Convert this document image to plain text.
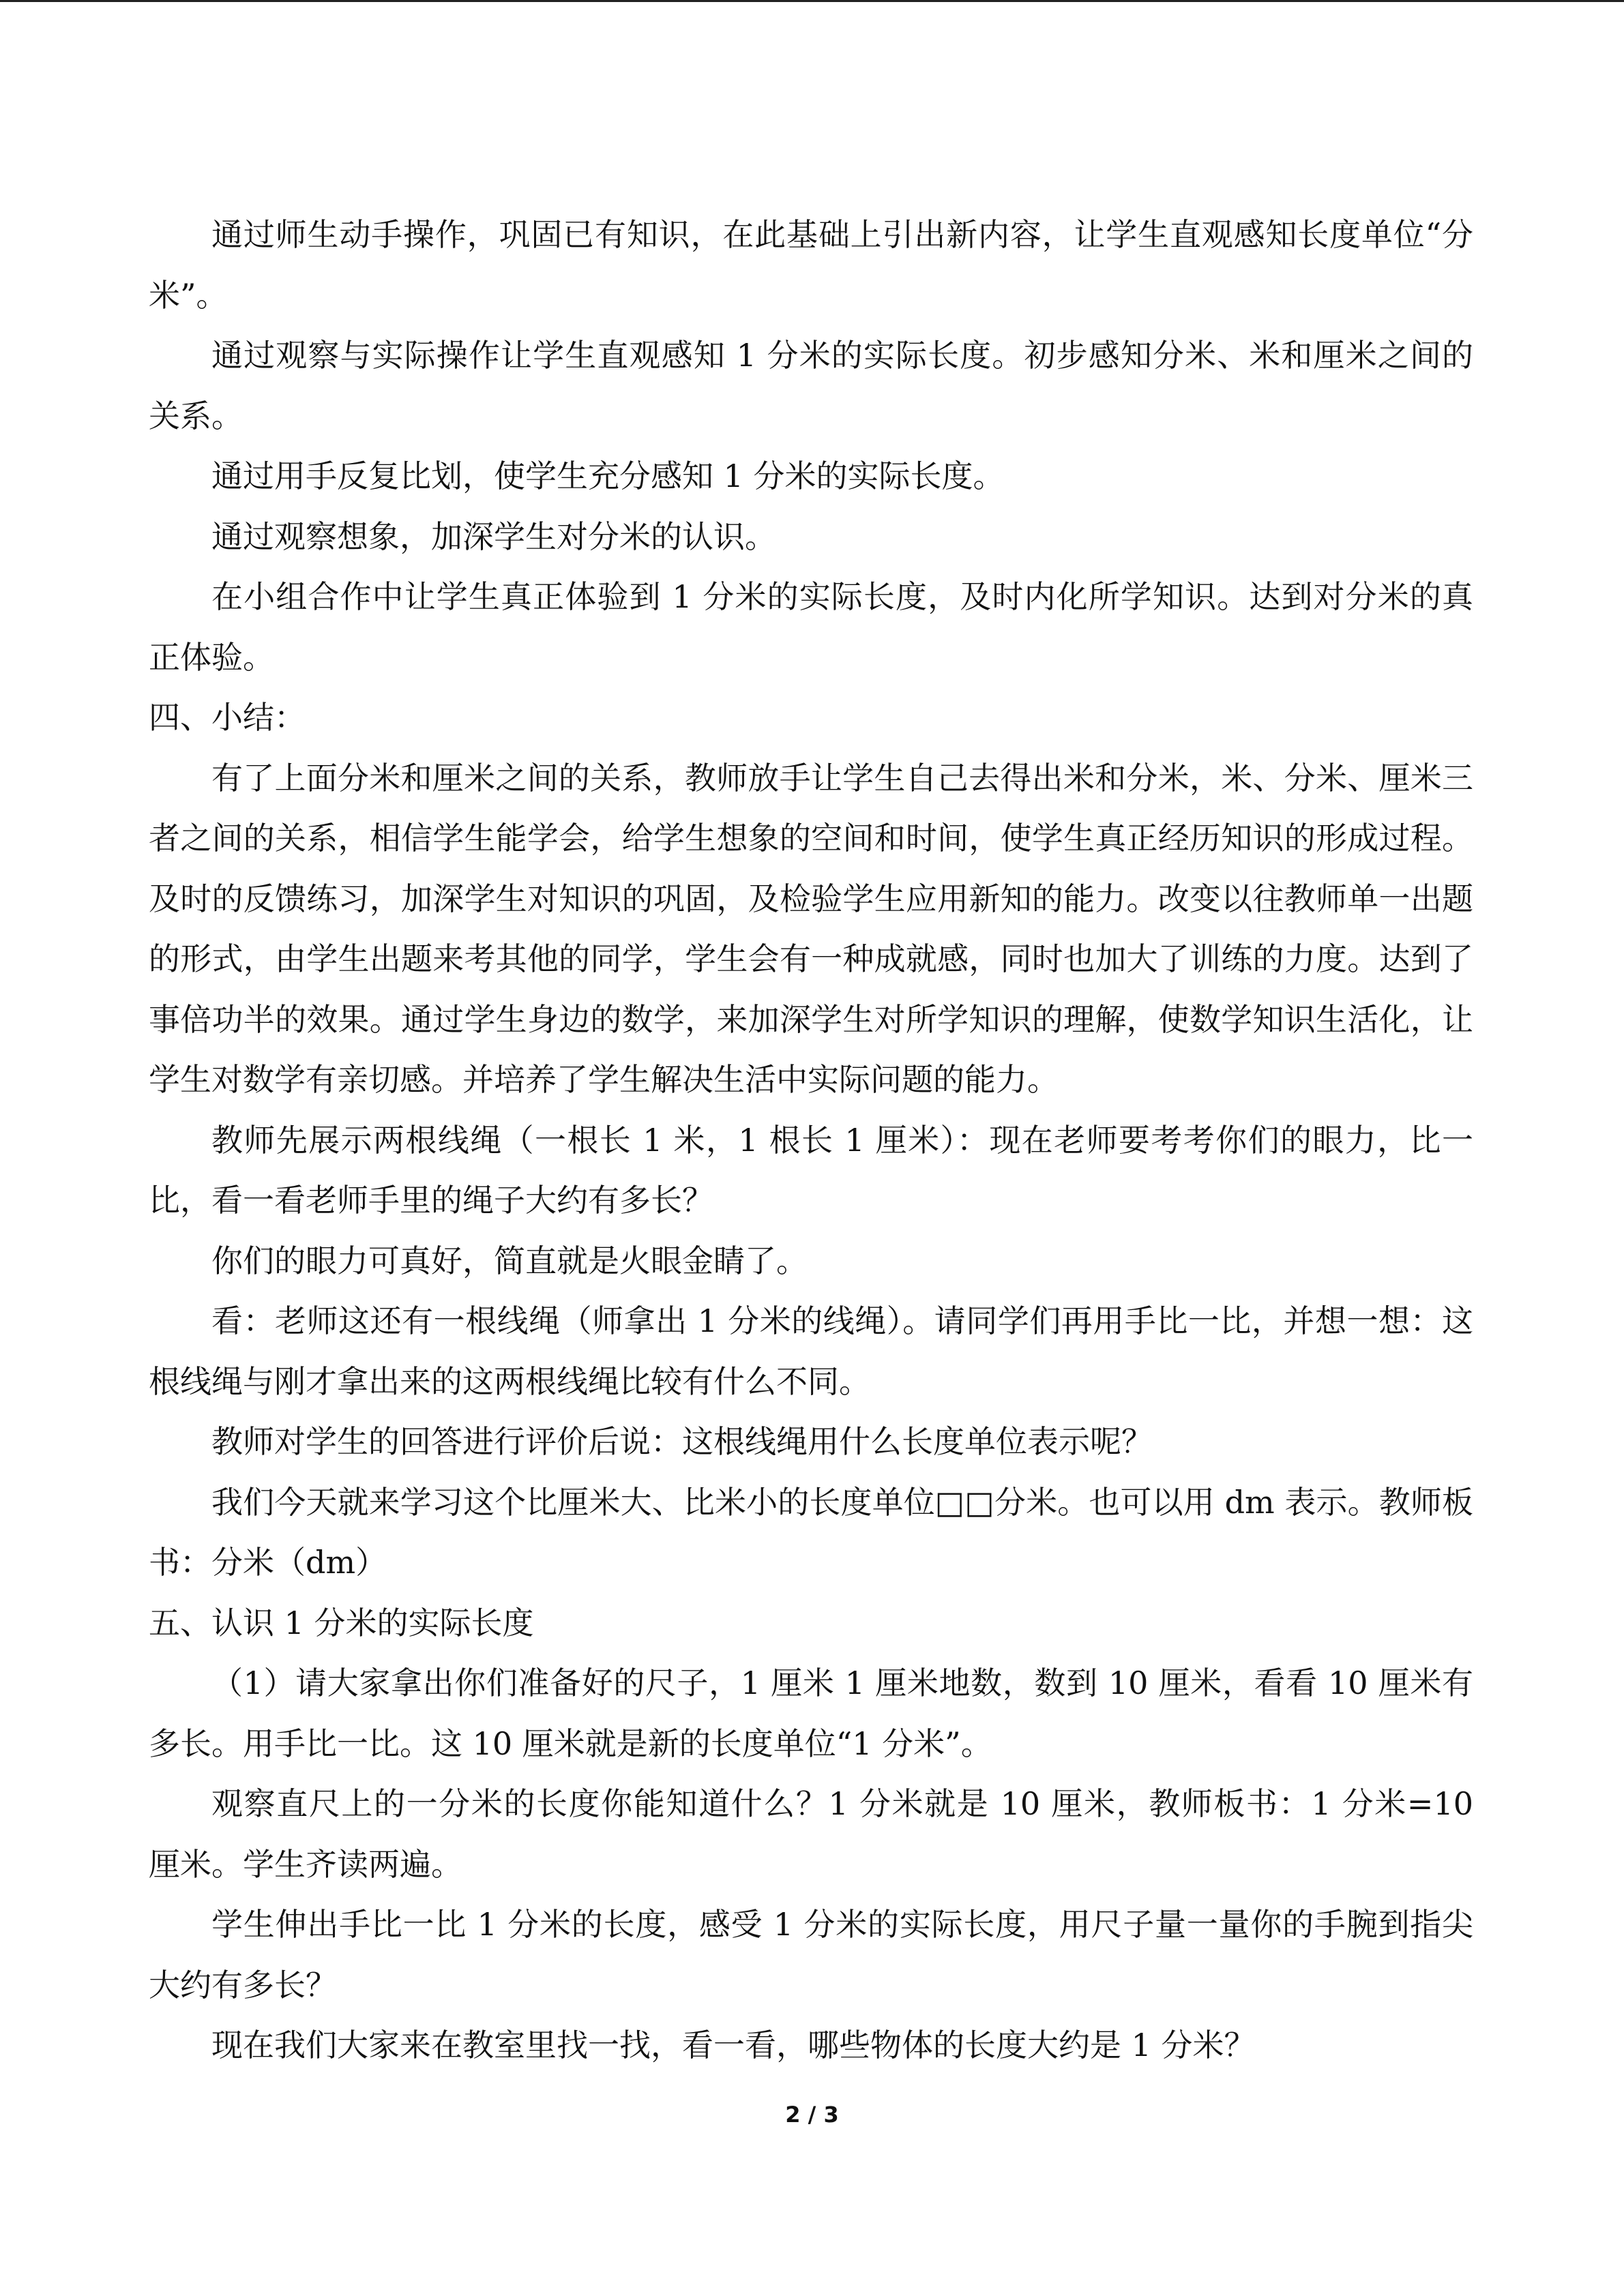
通过师生动手操作，巩固已有知识，在此基础上引出新内容，让学生直观感知长度单位“分米”。

通过观察与实际操作让学生直观感知 1 分米的实际长度。初步感知分米、米和厘米之间的关系。

通过用手反复比划，使学生充分感知 1 分米的实际长度。

通过观察想象，加深学生对分米的认识。

在小组合作中让学生真正体验到 1 分米的实际长度，及时内化所学知识。达到对分米的真正体验。

四、小结：

有了上面分米和厘米之间的关系，教师放手让学生自己去得出米和分米，米、分米、厘米三者之间的关系，相信学生能学会，给学生想象的空间和时间，使学生真正经历知识的形成过程。及时的反馈练习，加深学生对知识的巩固，及检验学生应用新知的能力。改变以往教师单一出题的形式，由学生出题来考其他的同学，学生会有一种成就感，同时也加大了训练的力度。达到了事倍功半的效果。通过学生身边的数学，来加深学生对所学知识的理解，使数学知识生活化，让学生对数学有亲切感。并培养了学生解决生活中实际问题的能力。

教师先展示两根线绳（一根长 1 米，1 根长 1 厘米）：现在老师要考考你们的眼力，比一比，看一看老师手里的绳子大约有多长？

你们的眼力可真好，简直就是火眼金睛了。

看：老师这还有一根线绳（师拿出 1 分米的线绳）。请同学们再用手比一比，并想一想：这根线绳与刚才拿出来的这两根线绳比较有什么不同。

教师对学生的回答进行评价后说：这根线绳用什么长度单位表示呢？

我们今天就来学习这个比厘米大、比米小的长度单位□□分米。也可以用 dm 表示。教师板书：分米（dm）

五、认识 1 分米的实际长度

（1）请大家拿出你们准备好的尺子，1 厘米 1 厘米地数，数到 10 厘米，看看 10 厘米有多长。用手比一比。这 10 厘米就是新的长度单位“1 分米”。

观察直尺上的一分米的长度你能知道什么？1 分米就是 10 厘米，教师板书：1 分米=10 厘米。学生齐读两遍。

学生伸出手比一比 1 分米的长度，感受 1 分米的实际长度，用尺子量一量你的手腕到指尖大约有多长？

现在我们大家来在教室里找一找，看一看，哪些物体的长度大约是 1 分米？

2 / 3
